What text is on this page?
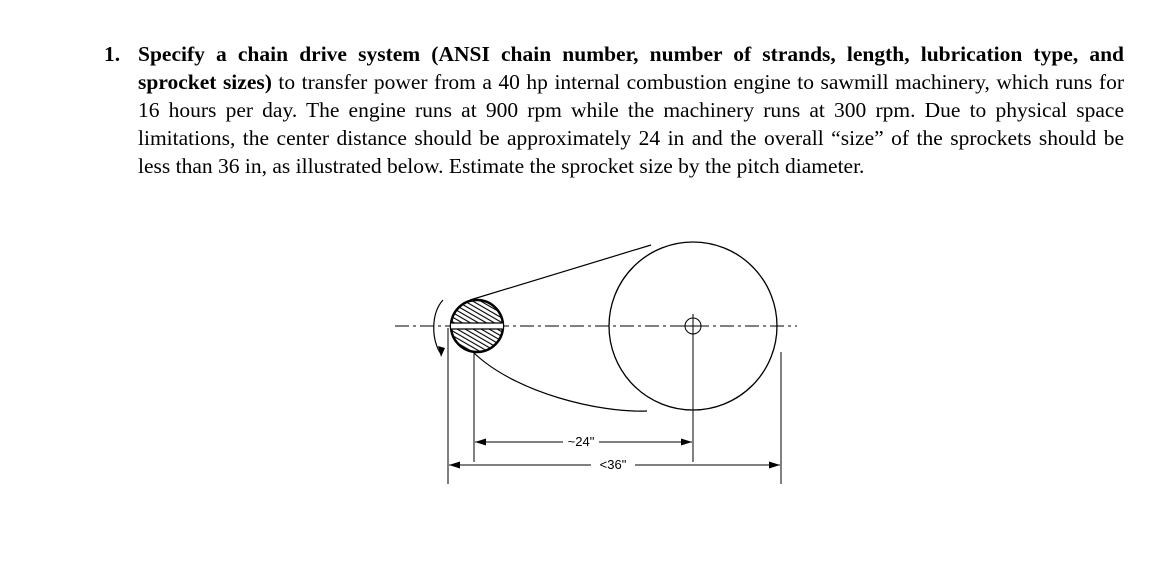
1. Specify a chain drive system (ANSI chain number, number of strands, length, lubrication type, and sprocket sizes) to transfer power from a 40 hp internal combustion engine to sawmill machinery, which runs for 16 hours per day. The engine runs at 900 rpm while the machinery runs at 300 rpm. Due to physical space limitations, the center distance should be approximately 24 in and the overall “size” of the sprockets should be less than 36 in, as illustrated below. Estimate the sprocket size by the pitch diameter.
~24"
<36"
